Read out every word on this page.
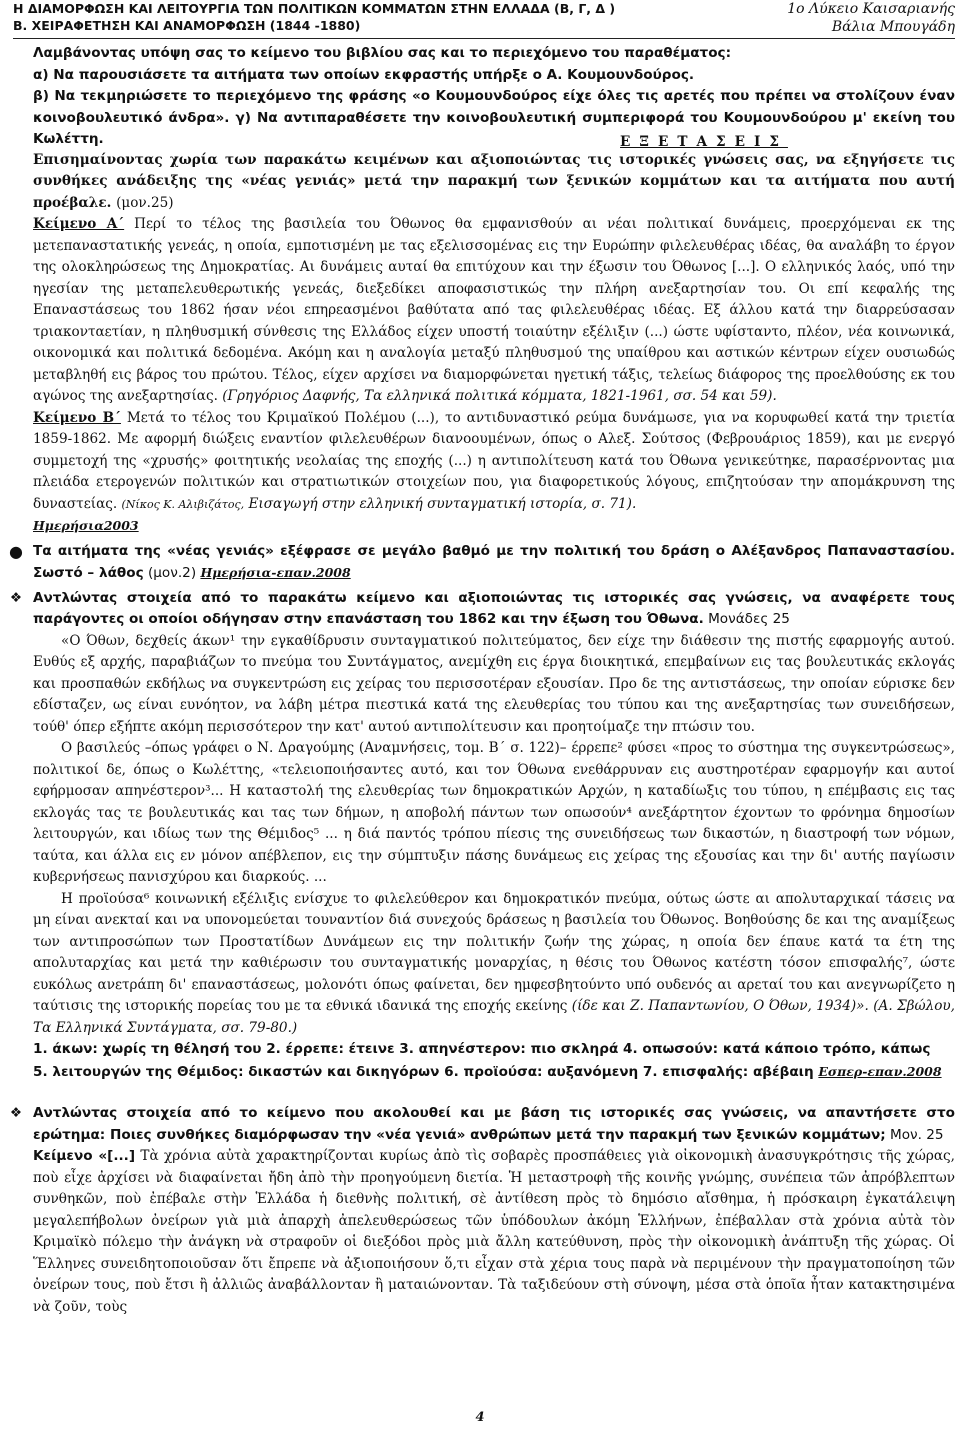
Η ΔΙΑΜΟΡΦΩΣΗ ΚΑΙ ΛΕΙΤΟΥΡΓΙΑ ΤΩΝ ΠΟΛΙΤΙΚΩΝ ΚΟΜΜΑΤΩΝ ΣΤΗΝ ΕΛΛΑΔΑ (Β, Γ, Δ )
Β. ΧΕΙΡΑΦΕΤΗΣΗ ΚΑΙ ΑΝΑΜΟΡΦΩΣΗ (1844 -1880)
1ο Λύκειο Καισαριανής
Βάλια Μπουγάδη

Λαμβάνοντας υπόψη σας το κείμενο του βιβλίου σας και το περιεχόμενο του παραθέματος:

α) Να παρουσιάσετε τα αιτήματα των οποίων εκφραστής υπήρξε ο Α. Κουμουνδούρος.

β) Να τεκμηριώσετε το περιεχόμενο της φράσης «ο Κουμουνδούρος είχε όλες τις αρετές που πρέπει να στολίζουν έναν κοινοβουλευτικό άνδρα». γ) Να αντιπαραθέσετε την κοινοβουλευτική συμπεριφορά του Κουμουνδούρου μ' εκείνη του Κωλέττη.	ΕΞΕΤΑΣΕΙΣ

Επισημαίνοντας χωρία των παρακάτω κειμένων και αξιοποιώντας τις ιστορικές γνώσεις σας, να εξηγήσετε τις συνθήκες ανάδειξης της «νέας γενιάς» μετά την παρακμή των ξενικών κομμάτων και τα αιτήματα που αυτή προέβαλε. (μον.25)

Κείμενο Α΄ Περί το τέλος της βασιλεία του Όθωνος θα εμφανισθούν αι νέαι πολιτικαί δυνάμεις, προερχόμεναι εκ της μετεπαναστατικής γενεάς, η οποία, εμποτισμένη με τας εξελισσομένας εις την Ευρώπην φιλελευθέρας ιδέας, θα αναλάβη το έργον της ολοκληρώσεως της Δημοκρατίας. Αι δυνάμεις αυταί θα επιτύχουν και την έξωσιν του Όθωνος [...]. Ο ελληνικός λαός, υπό την ηγεσίαν της μεταπελευθερωτικής γενεάς, διεξεδίκει αποφασιστικώς την πλήρη ανεξαρτησίαν του. Οι επί κεφαλής της Επαναστάσεως του 1862 ήσαν νέοι επηρεασμένοι βαθύτατα από τας φιλελευθέρας ιδέας. Εξ άλλου κατά την διαρρεύσασαν τριακονταετίαν, η πληθυσμική σύνθεσις της Ελλάδος είχεν υποστή τοιαύτην εξέλιξιν (...) ώστε υφίσταντο, πλέον, νέα κοινωνικά, οικονομικά και πολιτικά δεδομένα. Ακόμη και η αναλογία μεταξύ πληθυσμού της υπαίθρου και αστικών κέντρων είχεν ουσιωδώς μεταβληθή εις βάρος του πρώτου. Τέλος, είχεν αρχίσει να διαμορφώνεται ηγετική τάξις, τελείως διάφορος της προελθούσης εκ του αγώνος της ανεξαρτησίας. (Γρηγόριος Δαφνής, Τα ελληνικά πολιτικά κόμματα, 1821-1961, σσ. 54 και 59).

Κείμενο Β΄ Μετά το τέλος του Κριμαϊκού Πολέμου (...), το αντιδυναστικό ρεύμα δυνάμωσε, για να κορυφωθεί κατά την τριετία 1859-1862. Με αφορμή διώξεις εναντίον φιλελευθέρων διανοουμένων, όπως ο Αλεξ. Σούτσος (Φεβρουάριος 1859), και με ενεργό συμμετοχή της «χρυσής» φοιτητικής νεολαίας της εποχής (...) η αντιπολίτευση κατά του Όθωνα γενικεύτηκε, παρασέρνοντας μια πλειάδα ετερογενών πολιτικών και στρατιωτικών στοιχείων που, για διαφορετικούς λόγους, επιζητούσαν την απομάκρυνση της δυναστείας. (Νίκος Κ. Αλιβιζάτος, Εισαγωγή στην ελληνική συνταγματική ιστορία, σ. 71).

Ημερήσια2003

● Τα αιτήματα της «νέας γενιάς» εξέφρασε σε μεγάλο βαθμό με την πολιτική του δράση ο Αλέξανδρος Παπαναστασίου. Σωστό – λάθος (μον.2) Ημερήσια-επαν.2008

❖ Αντλώντας στοιχεία από το παρακάτω κείμενο και αξιοποιώντας τις ιστορικές σας γνώσεις, να αναφέρετε τους παράγοντες οι οποίοι οδήγησαν στην επανάσταση του 1862 και την έξωση του Όθωνα. Μονάδες 25

«Ο Όθων, δεχθείς άκων¹ την εγκαθίδρυσιν συνταγματικού πολιτεύματος, δεν είχε την διάθεσιν της πιστής εφαρμογής αυτού. Ευθύς εξ αρχής, παραβιάζων το πνεύμα του Συντάγματος, ανεμίχθη εις έργα διοικητικά, επεμβαίνων εις τας βουλευτικάς εκλογάς και προσπαθών εκδήλως να συγκεντρώση εις χείρας του περισσοτέραν εξουσίαν. Προ δε της αντιστάσεως, την οποίαν εύρισκε δεν εδίσταζεν, ως είναι ευνόητον, να λάβη μέτρα πιεστικά κατά της ελευθερίας του τύπου και της ανεξαρτησίας των συνειδήσεων, τούθ' όπερ εξήπτε ακόμη περισσότερον την κατ' αυτού αντιπολίτευσιν και προητοίμαζε την πτώσιν του.

Ο βασιλεύς –όπως γράφει ο Ν. Δραγούμης (Αναμνήσεις, τομ. Β΄ σ. 122)– έρρεπε² φύσει «προς το σύστημα της συγκεντρώσεως», πολιτικοί δε, όπως ο Κωλέττης, «τελειοποιήσαντες αυτό, και τον Όθωνα ενεθάρρυναν εις αυστηροτέραν εφαρμογήν και αυτοί εφήρμοσαν απηνέστερον³... Η καταστολή της ελευθερίας των δημοκρατικών Αρχών, η καταδίωξις του τύπου, η επέμβασις εις τας εκλογάς τας τε βουλευτικάς και τας των δήμων, η αποβολή πάντων των οπωσούν⁴ ανεξάρτητον έχοντων το φρόνημα δημοσίων λειτουργών, και ιδίως των της Θέμιδος⁵ ... η διά παντός τρόπου πίεσις της συνειδήσεως των δικαστών, η διαστροφή των νόμων, ταύτα, και άλλα εις εν μόνον απέβλεπον, εις την σύμπτυξιν πάσης δυνάμεως εις χείρας της εξουσίας και την δι' αυτής παγίωσιν κυβερνήσεως πανισχύρου και διαρκούς. ...

Η προϊούσα⁶ κοινωνική εξέλιξις ενίσχυε το φιλελεύθερον και δημοκρατικόν πνεύμα, ούτως ώστε αι απολυταρχικαί τάσεις να μη είναι ανεκταί και να υπονομεύεται τουναντίον διά συνεχούς δράσεως η βασιλεία του Όθωνος. Βοηθούσης δε και της αναμίξεως των αντιπροσώπων των Προστατίδων Δυνάμεων εις την πολιτικήν ζωήν της χώρας, η οποία δεν έπαυε κατά τα έτη της απολυταρχίας και μετά την καθιέρωσιν του συνταγματικής μοναρχίας, η θέσις του Όθωνος κατέστη τόσον επισφαλής⁷, ώστε ευκόλως ανετράπη δι' επαναστάσεως, μολονότι όπως φαίνεται, δεν ημφεσβητούντο υπό ουδενός αι αρεταί του και ανεγνωρίζετο η ταύτισις της ιστορικής πορείας του με τα εθνικά ιδανικά της εποχής εκείνης (ίδε και Ζ. Παπαντωνίου, Ο Όθων, 1934)». (Α. Σβώλου, Τα Ελληνικά Συντάγματα, σσ. 79-80.)

1. άκων: χωρίς τη θέλησή του 2. έρρεπε: έτεινε 3. απηνέστερον: πιο σκληρά 4. οπωσούν: κατά κάποιο τρόπο, κάπως

5. λειτουργών της Θέμιδος: δικαστών και δικηγόρων 6. προϊούσα: αυξανόμενη 7. επισφαλής: αβέβαιη Εσπερ-επαν.2008

❖ Αντλώντας στοιχεία από το κείμενο που ακολουθεί και με βάση τις ιστορικές σας γνώσεις, να απαντήσετε στο ερώτημα: Ποιες συνθήκες διαμόρφωσαν την «νέα γενιά» ανθρώπων μετά την παρακμή των ξενικών κομμάτων; Μον. 25

Κείμενο «[...] Τὰ χρόνια αὐτὰ χαρακτηρίζονται κυρίως ἀπὸ τὶς σοβαρὲς προσπάθειες γιὰ οἰκονομικὴ ἀνασυγκρότησις τῆς χώρας, ποὺ εἶχε ἀρχίσει νὰ διαφαίνεται ἤδη ἀπὸ τὴν προηγούμενη διετία. Ἡ μεταστροφὴ τῆς κοινῆς γνώμης, συνέπεια τῶν ἀπρόβλεπτων συνθηκῶν, ποὺ ἐπέβαλε στὴν Ἑλλάδα ἡ διεθνὴς πολιτική, σὲ ἀντίθεση πρὸς τὸ δημόσιο αἴσθημα, ἡ πρόσκαιρη ἐγκατάλειψη μεγαλεπήβολων ὀνείρων γιὰ μιὰ ἀπαρχὴ ἀπελευθερώσεως τῶν ὑπόδουλων ἀκόμη Ἑλλήνων, ἐπέβαλλαν στὰ χρόνια αὐτὰ τὸν Κριμαϊκὸ πόλεμο τὴν ἀνάγκη νὰ στραφοῦν οἱ διεξόδοι πρὸς μιὰ ἄλλη κατεύθυνση, πρὸς τὴν οἰκονομικὴ ἀνάπτυξη τῆς χώρας. Οἱ Ἕλληνες συνειδητοποιοῦσαν ὅτι ἔπρεπε νὰ ἀξιοποιήσουν ὅ,τι εἶχαν στὰ χέρια τους παρὰ νὰ περιμένουν τὴν πραγματοποίηση τῶν ὀνείρων τους, ποὺ ἔτσι ἢ ἀλλιῶς ἀναβάλλονταν ἢ ματαιώνονταν. Τὰ ταξιδεύουν στὴ σύνοψη, μέσα στὰ ὁποῖα ἦταν κατακτησιμένα νὰ ζοῦν, τοὺς

4
